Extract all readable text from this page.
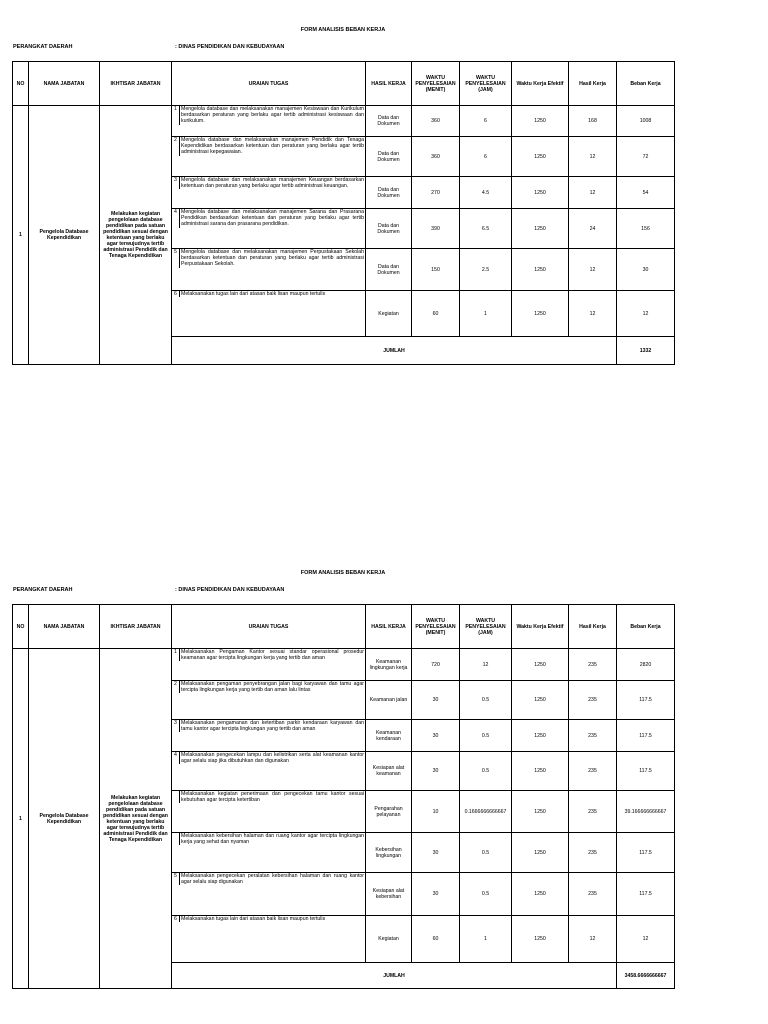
FORM ANALISIS BEBAN KERJA
PERANGKAT DAERAH	: DINAS PENDIDIKAN DAN KEBUDAYAAN
NO	NAMA JABATAN	IKHTISAR JABATAN	URAIAN TUGAS	HASIL KERJA	WAKTU PENYELESAIAN (MENIT)	WAKTU PENYELESAIAN (JAM)	Waktu Kerja Efektif	Hasil Kerja	Beban Kerja
1	Pengelola Database Kependidikan	Melakukan kegiatan pengelolaan database pendidikan pada satuan pendidikan sesuai dengan ketentuan yang berlaku agar terwujudnya tertib administrasi Pendidik dan Tenaga Kependidikan	1 Mengelola database dan melaksanakan manajemen Kesiswaan dan Kurikulum berdasarkan peraturan yang berlaku agar tertib administrasi kesiswaan dan kurikulum.	Data dan Dokumen	360	6	1250	168	1008

			2 Mengelola database dan melaksanakan manajemen Pendidik dan Tenaga Kependidikan berdasarkan ketentuan dan peraturan yang berlaku agar tertib administrasi kepegawaian.	Data dan Dokumen	360	6	1250	12	72

			3 Mengelola database dan melaksanakan manajemen Keuangan berdasarkan ketentuan dan peraturan yang berlaku agar tertib administrasi keuangan.	Data dan Dokumen	270	4.5	1250	12	54

			4 Mengelola database dan melaksanakan manajemen Sarana dan Prasarana Pendidikan berdasarkan ketentuan dan peraturan yang berlaku agar tertib administrasi sarana dan prasarana pendidikan.	Data dan Dokumen	390	6.5	1250	24	156

			5 Mengelola database dan melaksanakan manajemen Perpustakaan Sekolah berdasarkan ketentuan dan peraturan yang berlaku agar tertib administrasi Perpustakaan Sekolah.	Data dan Dokumen	150	2.5	1250	12	30

			6 Melaksanakan tugas lain dari atasan baik lisan maupun tertulis	Kegiatan	60	1	1250	12	12
			JUMLAH						1332
FORM ANALISIS BEBAN KERJA
PERANGKAT DAERAH	: DINAS PENDIDIKAN DAN KEBUDAYAAN
NO	NAMA JABATAN	IKHTISAR JABATAN	URAIAN TUGAS	HASIL KERJA	WAKTU PENYELESAIAN (MENIT)	WAKTU PENYELESAIAN (JAM)	Waktu Kerja Efektif	Hasil Kerja	Beban Kerja
1	Pengelola Database Kependidikan	Melakukan kegiatan pengelolaan database pendidikan pada satuan pendidikan sesuai dengan ketentuan yang berlaku agar terwujudnya tertib administrasi Pendidik dan Tenaga Kependidikan	1 Melaksanakan Pengaman Kantor sesuai standar operasional prosedur keamanan agar tercipta lingkungan kerja yang tertib dan aman	Keamanan lingkungan kerja	720	12	1250	235	2820

			2 Melaksanakan pengaman penyebrangan jalan bagi karyawan dan tamu agar tercipta lingkungan kerja yang tertib dan aman lalu lintas	Keamanan jalan	30	0.5	1250	235	117.5

			3 Melaksanakan pengamanan dan ketertiban parkir kendaraan karyawan dan tamu kantor agar tercipta lingkungan yang tertib dan aman	Keamanan kendaraan	30	0.5	1250	235	117.5

			4 Melaksanakan pengecekan lampu dan kelistrikan serta alat keamanan kantor agar selalu siap jika dibutuhkan dan digunakan	Kesiapan alat keamanan	30	0.5	1250	235	117.5

			Melaksanakan kegiatan penerimaan dan pengecekan tamu kantor sesuai kebutuhan agar tercipta ketertiban	Pengarahan pelayanan	10	0.1666666666667	1250	235	39.166666666667

			Melaksanakan kebersihan halaman dan ruang kantor agar tercipta lingkungan kerja yang sehat dan nyaman	Kebersihan lingkungan	30	0.5	1250	235	117.5

			5 Melaksanakan pengecekan peralatan kebersihan halaman dan ruang kantor agar selalu siap digunakan	Kesiapan alat kebersihan	30	0.5	1250	235	117.5

			6 Melaksanakan tugas lain dari atasan baik lisan maupun tertulis	Kegiatan	60	1	1250	12	12
			JUMLAH						3458.6666666667
